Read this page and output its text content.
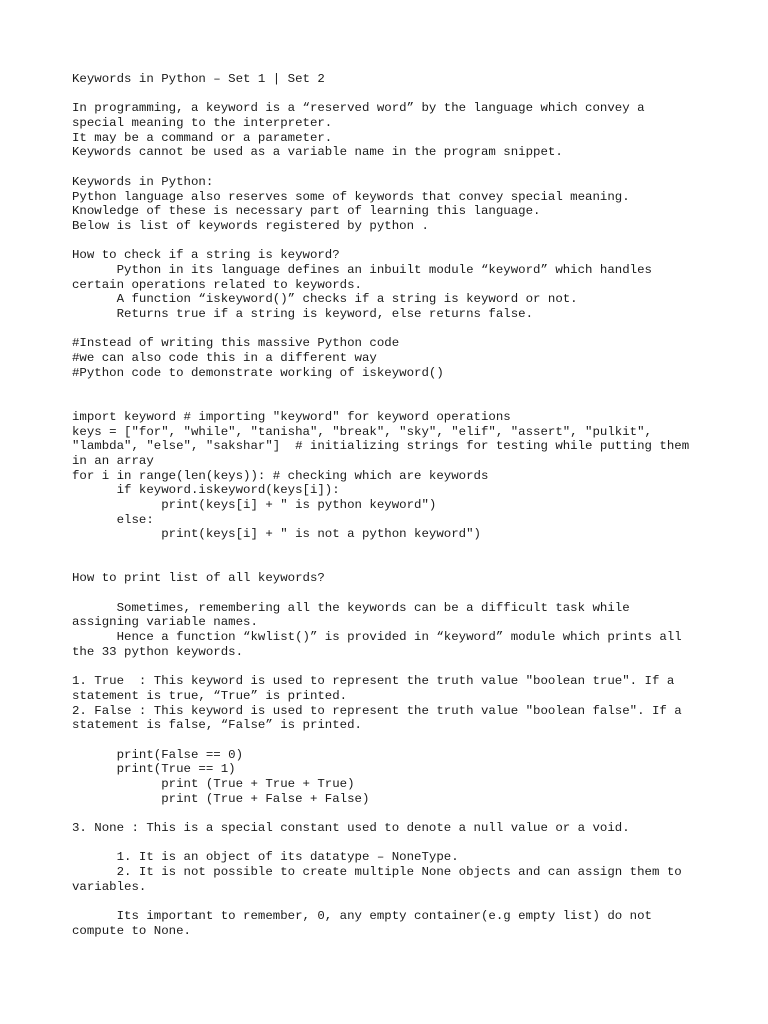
Keywords in Python – Set 1 | Set 2
In programming, a keyword is a “reserved word” by the language which convey a
special meaning to the interpreter.
It may be a command or a parameter.
Keywords cannot be used as a variable name in the program snippet.
Keywords in Python:
Python language also reserves some of keywords that convey special meaning.
Knowledge of these is necessary part of learning this language.
Below is list of keywords registered by python .
How to check if a string is keyword?
Python in its language defines an inbuilt module “keyword” which handles
certain operations related to keywords.
A function “iskeyword()” checks if a string is keyword or not.
Returns true if a string is keyword, else returns false.
#Instead of writing this massive Python code
#we can also code this in a different way
#Python code to demonstrate working of iskeyword()
import keyword # importing "keyword" for keyword operations
keys = ["for", "while", "tanisha", "break", "sky", "elif", "assert", "pulkit",
"lambda", "else", "sakshar"]  # initializing strings for testing while putting them
in an array
for i in range(len(keys)): # checking which are keywords
if keyword.iskeyword(keys[i]):
print(keys[i] + " is python keyword")
else:
print(keys[i] + " is not a python keyword")
How to print list of all keywords?
Sometimes, remembering all the keywords can be a difficult task while
assigning variable names.
Hence a function “kwlist()” is provided in “keyword” module which prints all
the 33 python keywords.
1. True  : This keyword is used to represent the truth value "boolean true". If a
statement is true, “True” is printed.
2. False : This keyword is used to represent the truth value "boolean false". If a
statement is false, “False” is printed.
print(False == 0)
print(True == 1)
print (True + True + True)
print (True + False + False)
3. None : This is a special constant used to denote a null value or a void.
1. It is an object of its datatype – NoneType.
2. It is not possible to create multiple None objects and can assign them to
variables.
Its important to remember, 0, any empty container(e.g empty list) do not
compute to None.
